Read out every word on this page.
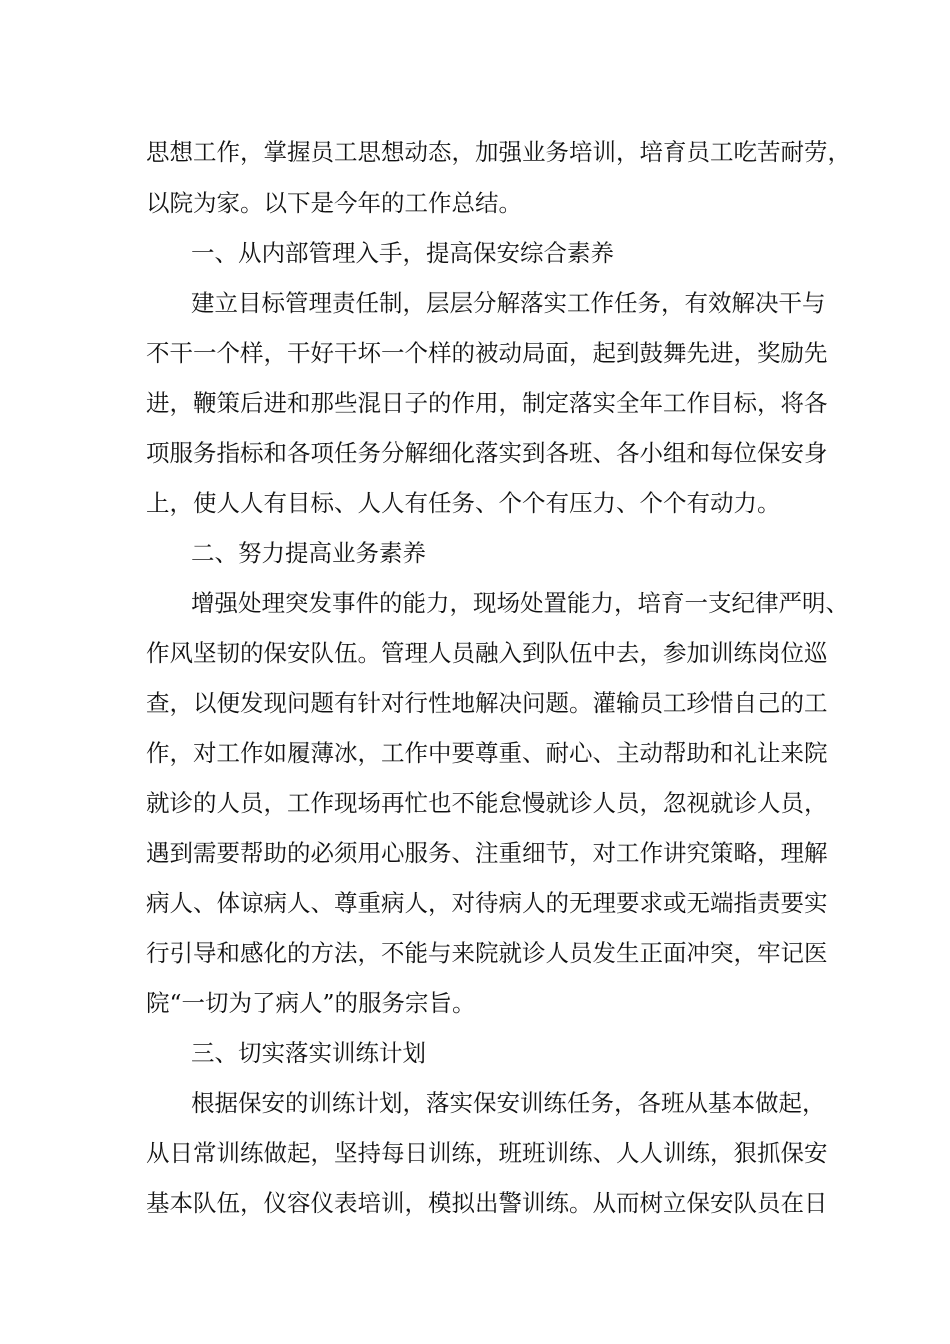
思想工作，掌握员工思想动态，加强业务培训，培育员工吃苦耐劳，

以院为家。以下是今年的工作总结。

一、从内部管理入手，提高保安综合素养

建立目标管理责任制，层层分解落实工作任务，有效解决干与

不干一个样，干好干坏一个样的被动局面，起到鼓舞先进，奖励先

进，鞭策后进和那些混日子的作用，制定落实全年工作目标，将各

项服务指标和各项任务分解细化落实到各班、各小组和每位保安身

上，使人人有目标、人人有任务、个个有压力、个个有动力。

二、努力提高业务素养

增强处理突发事件的能力，现场处置能力，培育一支纪律严明、

作风坚韧的保安队伍。管理人员融入到队伍中去，参加训练岗位巡

查，以便发现问题有针对行性地解决问题。灌输员工珍惜自己的工

作，对工作如履薄冰，工作中要尊重、耐心、主动帮助和礼让来院

就诊的人员，工作现场再忙也不能怠慢就诊人员，忽视就诊人员，

遇到需要帮助的必须用心服务、注重细节，对工作讲究策略，理解

病人、体谅病人、尊重病人，对待病人的无理要求或无端指责要实

行引导和感化的方法，不能与来院就诊人员发生正面冲突，牢记医

院“一切为了病人”的服务宗旨。

三、切实落实训练计划

根据保安的训练计划，落实保安训练任务，各班从基本做起，

从日常训练做起，坚持每日训练，班班训练、人人训练，狠抓保安

基本队伍，仪容仪表培训，模拟出警训练。从而树立保安队员在日
